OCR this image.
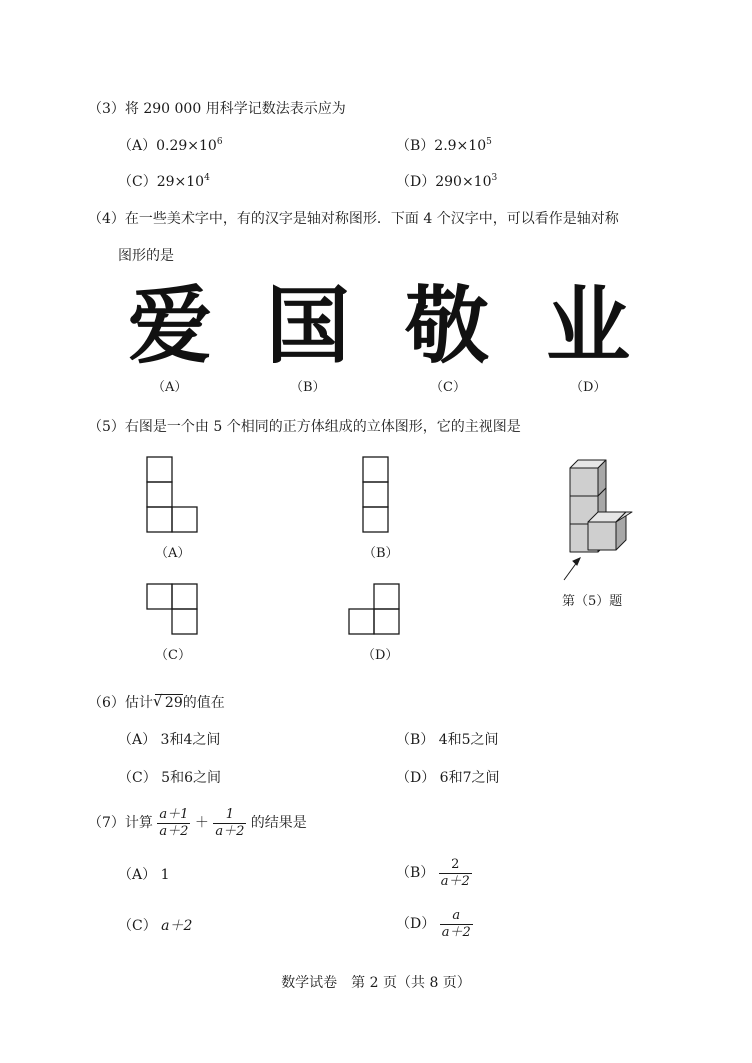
（3）将 290 000 用科学记数法表示应为
$(A)0.29\times 10^6$	$(B)2.9\times 10^5$
$(C)29\times 10^4$	$(D)290\times 10^3$
（4）在一些美术字中，有的汉字是轴对称图形．下面 4 个汉字中，可以看作是轴对称
图形的是
爱 国 敬 业
（A）	（B）	（C）	（D）
（5）右图是一个由 5 个相同的正方体组成的立体图形，它的主视图是
（A）	（B）
（C）	（D）
第（5）题
（6）估计√ 29的值在
（A） 3和4之间	（B） 4和5之间
（C） 5和6之间	（D） 6和7之间
（7）计算 $\frac{a+1}{a+2} + \frac{1}{a+2}$ 的结果是
（A） 1	$(B) \frac{2}{a+2}$
（C） a＋2	$(D) \frac{a}{a+2}$
数学试卷　第 2 页（共 8 页）
